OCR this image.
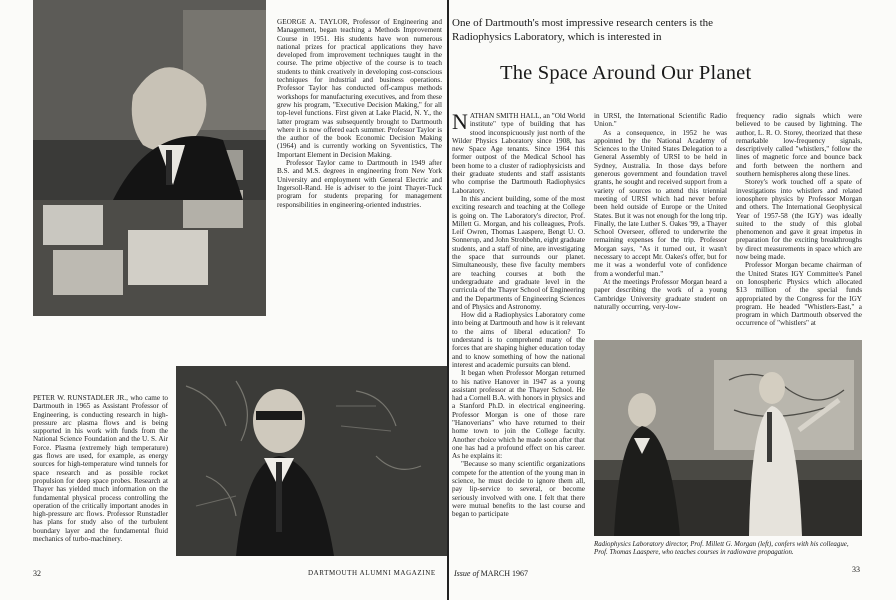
GEORGE A. TAYLOR, Professor of Engineering and Management, began teaching a Methods Improvement Course in 1951. His students have won numerous national prizes for practical applications they have developed from improvement techniques taught in the course. The prime objective of the course is to teach students to think creatively in developing cost-conscious techniques for industrial and business operations. Professor Taylor has conducted off-campus methods workshops for manufacturing executives, and from these grew his program, "Executive Decision Making," for all top-level functions. First given at Lake Placid, N. Y., the latter program was subsequently brought to Dartmouth where it is now offered each summer. Professor Taylor is the author of the book Economic Decision Making (1964) and is currently working on Syventistics, The Important Element in Decision Making.

Professor Taylor came to Dartmouth in 1949 after B.S. and M.S. degrees in engineering from New York University and employment with General Electric and Ingersoll-Rand. He is adviser to the joint Thayer-Tuck program for students preparing for management responsibilities in engineering-oriented industries.

PETER W. RUNSTADLER JR., who came to Dartmouth in 1965 as Assistant Professor of Engineering, is conducting research in high-pressure arc plasma flows and is being supported in his work with funds from the National Science Foundation and the U. S. Air Force. Plasma (extremely high temperature) gas flows are used, for example, as energy sources for high-temperature wind tunnels for space research and as possible rocket propulsion for deep space probes. Research at Thayer has yielded much information on the fundamental physical process controlling the operation of the critically important anodes in high-pressure arc flows. Professor Runstadler has plans for study also of the turbulent boundary layer and the fundamental fluid mechanics of turbo-machinery.

32	DARTMOUTH ALUMNI MAGAZINE
One of Dartmouth's most impressive research centers is the Radiophysics Laboratory, which is interested in
The Space Around Our Planet

NATHAN SMITH HALL, an "Old World institute" type of building that has stood inconspicuously just north of the Wilder Physics Laboratory since 1908, has new Space Age tenants. Since 1964 this former outpost of the Medical School has been home to a cluster of radiophysicists and their graduate students and staff assistants who comprise the Dartmouth Radiophysics Laboratory.

In this ancient building, some of the most exciting research and teaching at the College is going on. The Laboratory's director, Prof. Millett G. Morgan, and his colleagues, Profs. Leif Owren, Thomas Laaspere, Bengt U. O. Sonnerup, and John Strohbehn, eight graduate students, and a staff of nine, are investigating the space that surrounds our planet. Simultaneously, these five faculty members are teaching courses at both the undergraduate and graduate level in the curricula of the Thayer School of Engineering and the Departments of Engineering Sciences and of Physics and Astronomy.

How did a Radiophysics Laboratory come into being at Dartmouth and how is it relevant to the aims of liberal education? To understand is to comprehend many of the forces that are shaping higher education today and to know something of how the national interest and academic pursuits can blend.

It began when Professor Morgan returned to his native Hanover in 1947 as a young assistant professor at the Thayer School. He had a Cornell B.A. with honors in physics and a Stanford Ph.D. in electrical engineering. Professor Morgan is one of those rare "Hanoverians" who have returned to their home town to join the College faculty. Another choice which he made soon after that one has had a profound effect on his career. As he explains it:

"Because so many scientific organizations compete for the attention of the young man in science, he must decide to ignore them all, pay lip-service to several, or become seriously involved with one. I felt that there were mutual benefits to the last course and began to participate

in URSI, the International Scientific Radio Union."

As a consequence, in 1952 he was appointed by the National Academy of Sciences to the United States Delegation to a General Assembly of URSI to be held in Sydney, Australia. In those days before generous government and foundation travel grants, he sought and received support from a variety of sources to attend this triennial meeting of URSI which had never before been held outside of Europe or the United States. But it was not enough for the long trip. Finally, the late Luther S. Oakes '99, a Thayer School Overseer, offered to underwrite the remaining expenses for the trip. Professor Morgan says, "As it turned out, it wasn't necessary to accept Mr. Oakes's offer, but for me it was a wonderful vote of confidence from a wonderful man."

At the meetings Professor Morgan heard a paper describing the work of a young Cambridge University graduate student on naturally occurring, very-low-

frequency radio signals which were believed to be caused by lightning. The author, L. R. O. Storey, theorized that these remarkable low-frequency signals, descriptively called "whistlers," follow the lines of magnetic force and bounce back and forth between the northern and southern hemispheres along these lines.

Storey's work touched off a spate of investigations into whistlers and related ionosphere physics by Professor Morgan and others. The International Geophysical Year of 1957-58 (the IGY) was ideally suited to the study of this global phenomenon and gave it great impetus in preparation for the exciting breakthroughs by direct measurements in space which are now being made.

Professor Morgan became chairman of the United States IGY Committee's Panel on Ionospheric Physics which allocated $13 million of the special funds appropriated by the Congress for the IGY program. He headed "Whistlers-East," a program in which Dartmouth observed the occurrence of "whistlers" at

Radiophysics Laboratory director, Prof. Millett G. Morgan (left), confers with his colleague, Prof. Thomas Laaspere, who teaches courses in radiowave propagation.
Issue of MARCH 1967	33
